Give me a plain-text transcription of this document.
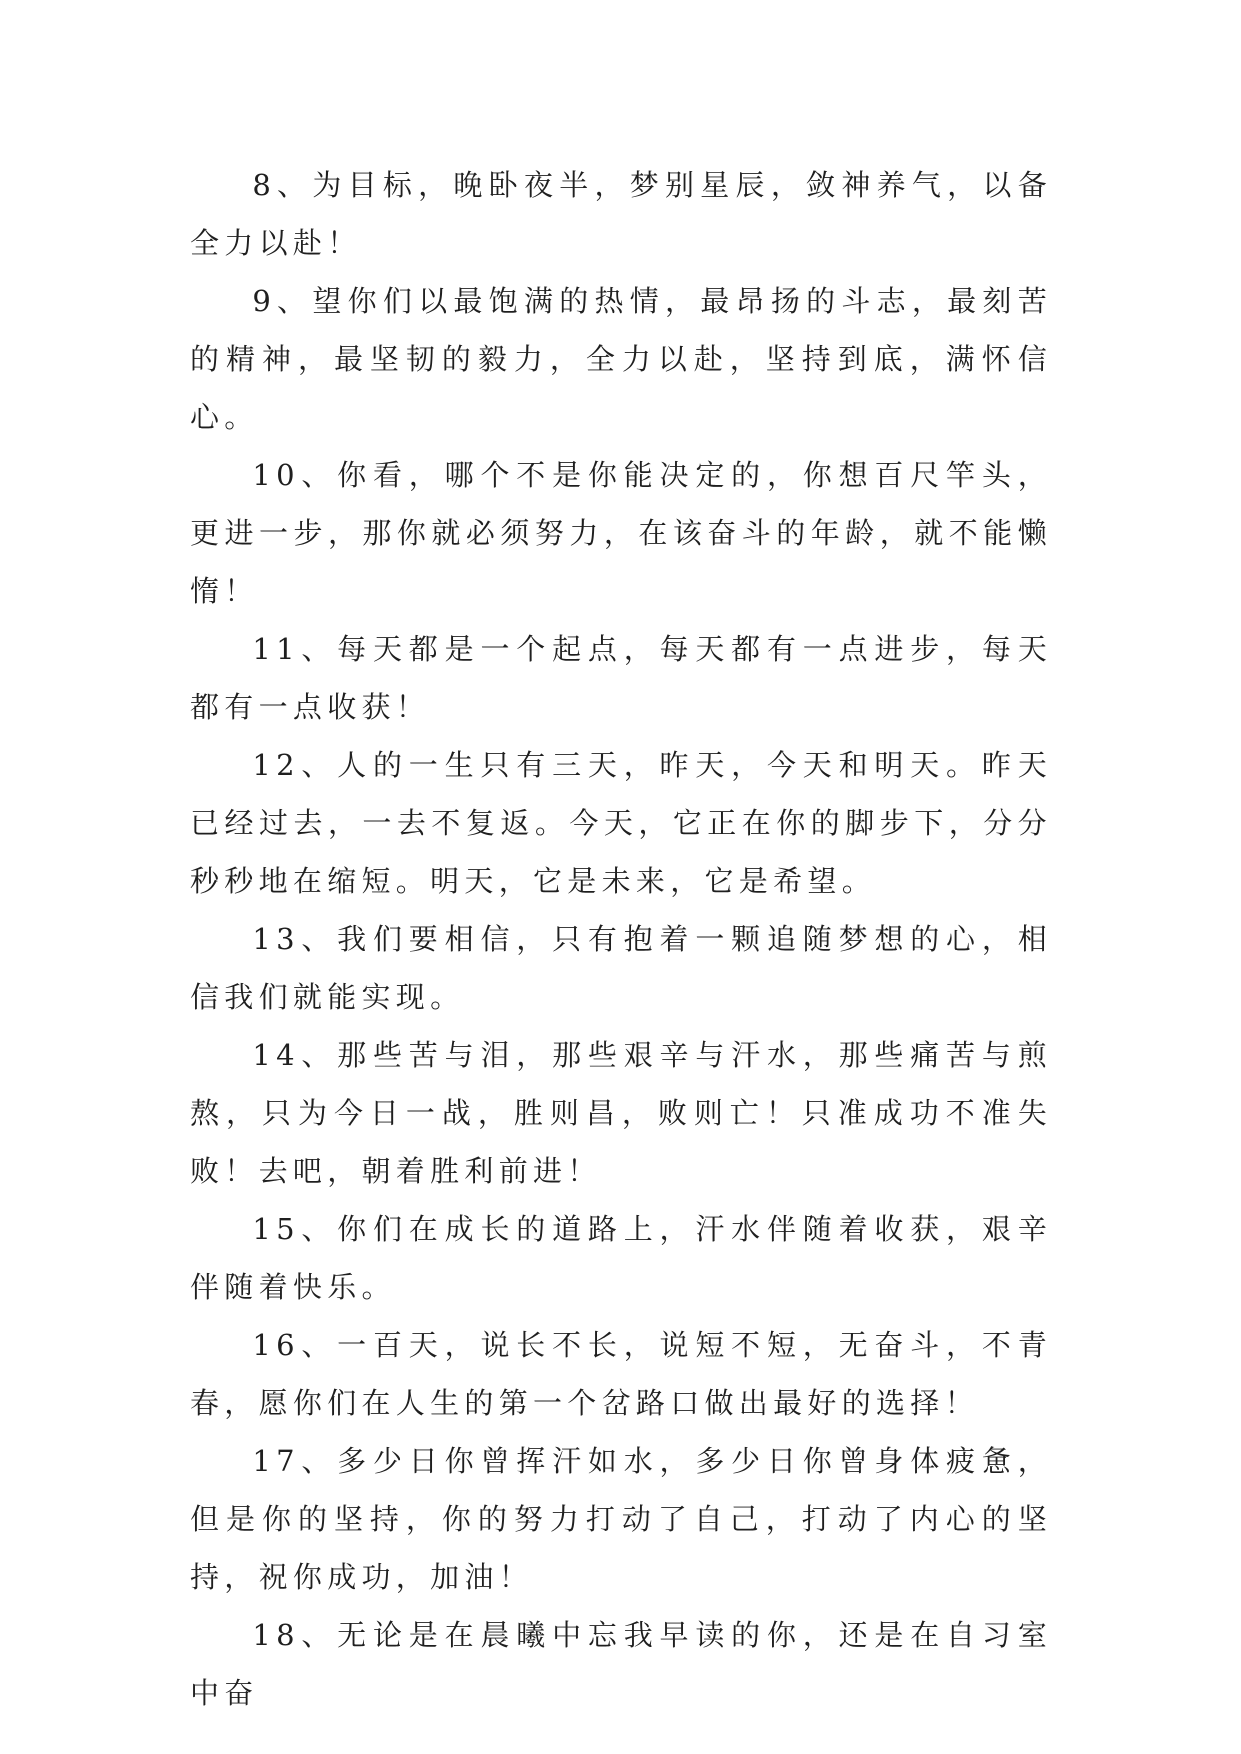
8、为目标，晚卧夜半，梦别星辰，敛神养气，以备全力以赴！

9、望你们以最饱满的热情，最昂扬的斗志，最刻苦的精神，最坚韧的毅力，全力以赴，坚持到底，满怀信心。

10、你看，哪个不是你能决定的，你想百尺竿头，更进一步，那你就必须努力，在该奋斗的年龄，就不能懒惰！

11、每天都是一个起点，每天都有一点进步，每天都有一点收获！

12、人的一生只有三天，昨天，今天和明天。昨天已经过去，一去不复返。今天，它正在你的脚步下，分分秒秒地在缩短。明天，它是未来，它是希望。

13、我们要相信，只有抱着一颗追随梦想的心，相信我们就能实现。

14、那些苦与泪，那些艰辛与汗水，那些痛苦与煎熬，只为今日一战，胜则昌，败则亡！只准成功不准失败！去吧，朝着胜利前进！

15、你们在成长的道路上，汗水伴随着收获，艰辛伴随着快乐。

16、一百天，说长不长，说短不短，无奋斗，不青春，愿你们在人生的第一个岔路口做出最好的选择！

17、多少日你曾挥汗如水，多少日你曾身体疲惫，但是你的坚持，你的努力打动了自己，打动了内心的坚持，祝你成功，加油！

18、无论是在晨曦中忘我早读的你，还是在自习室中奋
